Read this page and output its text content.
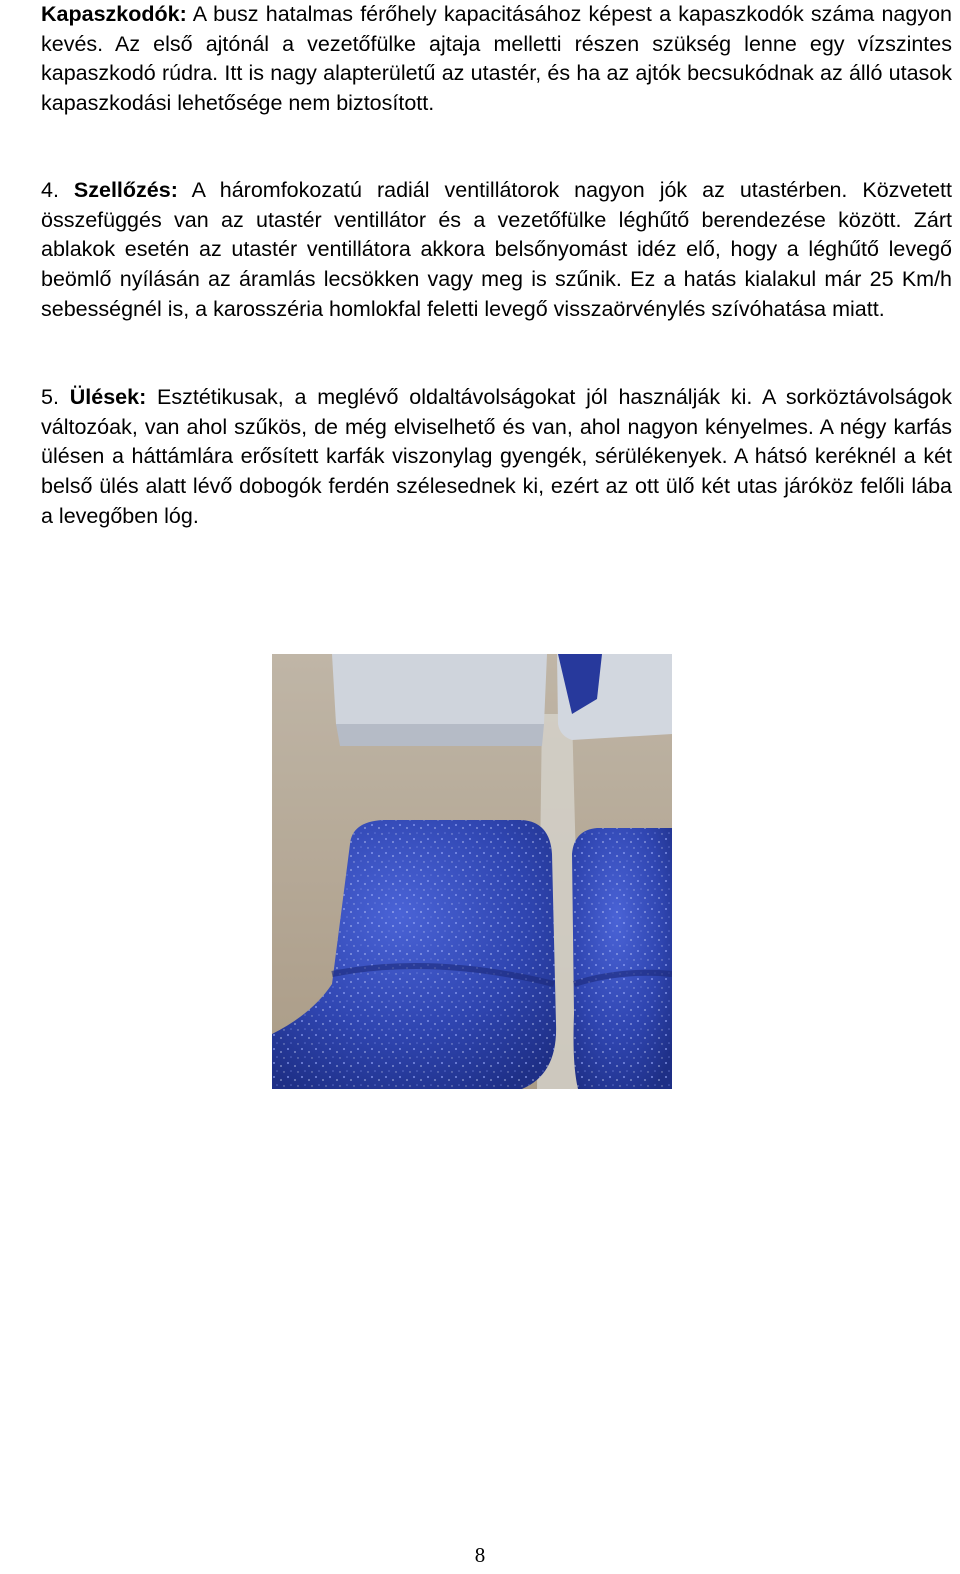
Kapaszkodók: A busz hatalmas férőhely kapacitásához képest a kapaszkodók száma nagyon kevés. Az első ajtónál a vezetőfülke ajtaja melletti részen szükség lenne egy vízszintes kapaszkodó rúdra. Itt is nagy alapterületű az utastér, és ha az ajtók becsukódnak az álló utasok kapaszkodási lehetősége nem biztosított.

4. Szellőzés: A háromfokozatú radiál ventillátorok nagyon jók az utastérben. Közvetett összefüggés van az utastér ventillátor és a vezetőfülke léghűtő berendezése között. Zárt ablakok esetén az utastér ventillátora akkora belsőnyomást idéz elő, hogy a léghűtő levegő beömlő nyílásán az áramlás lecsökken vagy meg is szűnik. Ez a hatás kialakul már 25 Km/h sebességnél is, a karosszéria homlokfal feletti levegő visszaörvénylés szívóhatása miatt.

5. Ülések: Esztétikusak, a meglévő oldaltávolságokat jól használják ki. A sorköztávolságok változóak, van ahol szűkös, de még elviselhető és van, ahol nagyon kényelmes. A négy karfás ülésen a háttámlára erősített karfák viszonylag gyengék, sérülékenyek. A hátsó keréknél a két belső ülés alatt lévő dobogók ferdén szélesednek ki, ezért az ott ülő két utas járóköz felőli lába a levegőben lóg.

8
